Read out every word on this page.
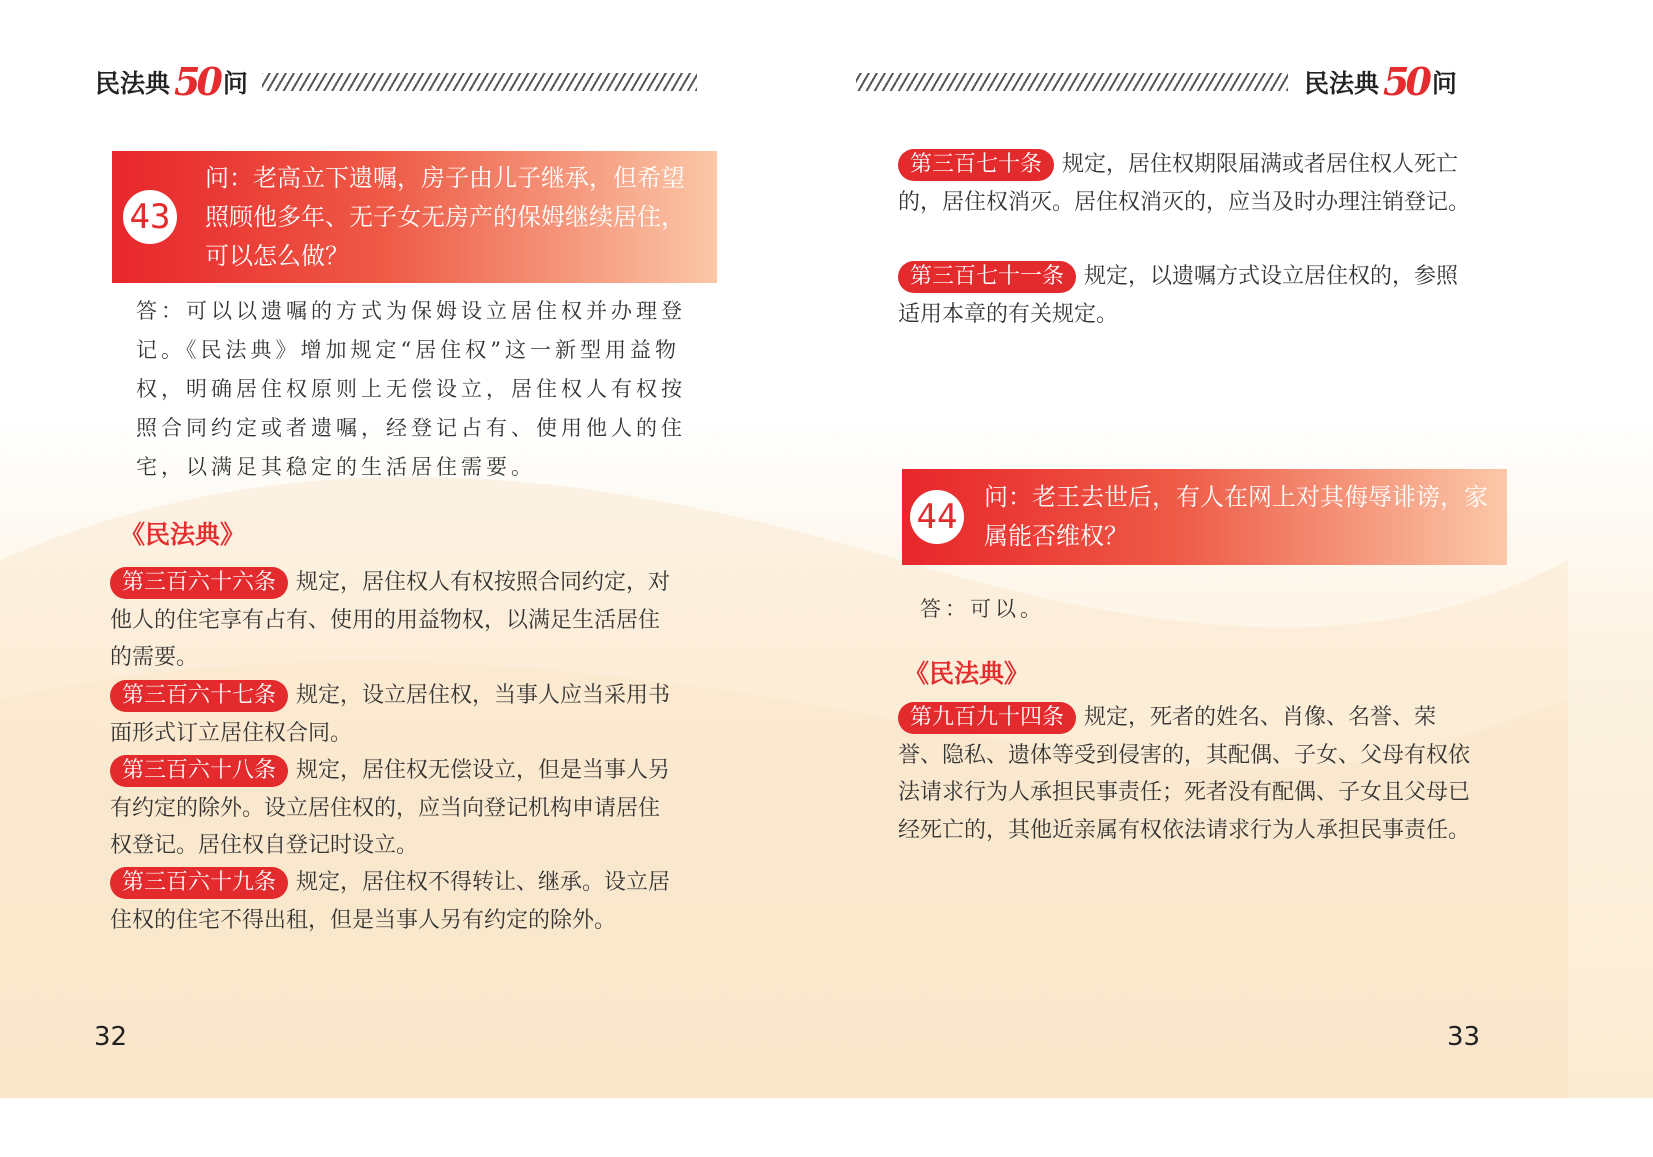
民法典 50 问
43
问：老高立下遗嘱，房子由儿子继承，但希望照顾他多年、无子女无房产的保姆继续居住，可以怎么做？
答：可以以遗嘱的方式为保姆设立居住权并办理登记。《民法典》增加规定“居住权”这一新型用益物权，明确居住权原则上无偿设立，居住权人有权按照合同约定或者遗嘱，经登记占有、使用他人的住宅，以满足其稳定的生活居住需要。
《民法典》
第三百六十六条 规定，居住权人有权按照合同约定，对他人的住宅享有占有、使用的用益物权，以满足生活居住的需要。
第三百六十七条 规定，设立居住权，当事人应当采用书面形式订立居住权合同。
第三百六十八条 规定，居住权无偿设立，但是当事人另有约定的除外。设立居住权的，应当向登记机构申请居住权登记。居住权自登记时设立。
第三百六十九条 规定，居住权不得转让、继承。设立居住权的住宅不得出租，但是当事人另有约定的除外。
32
民法典 50 问
第三百七十条 规定，居住权期限届满或者居住权人死亡的，居住权消灭。居住权消灭的，应当及时办理注销登记。
第三百七十一条 规定，以遗嘱方式设立居住权的，参照适用本章的有关规定。
44 问：老王去世后，有人在网上对其侮辱诽谤，家属能否维权？
答：可以。
《民法典》
第九百九十四条 规定，死者的姓名、肖像、名誉、荣誉、隐私、遗体等受到侵害的，其配偶、子女、父母有权依法请求行为人承担民事责任；死者没有配偶、子女且父母已经死亡的，其他近亲属有权依法请求行为人承担民事责任。
33
